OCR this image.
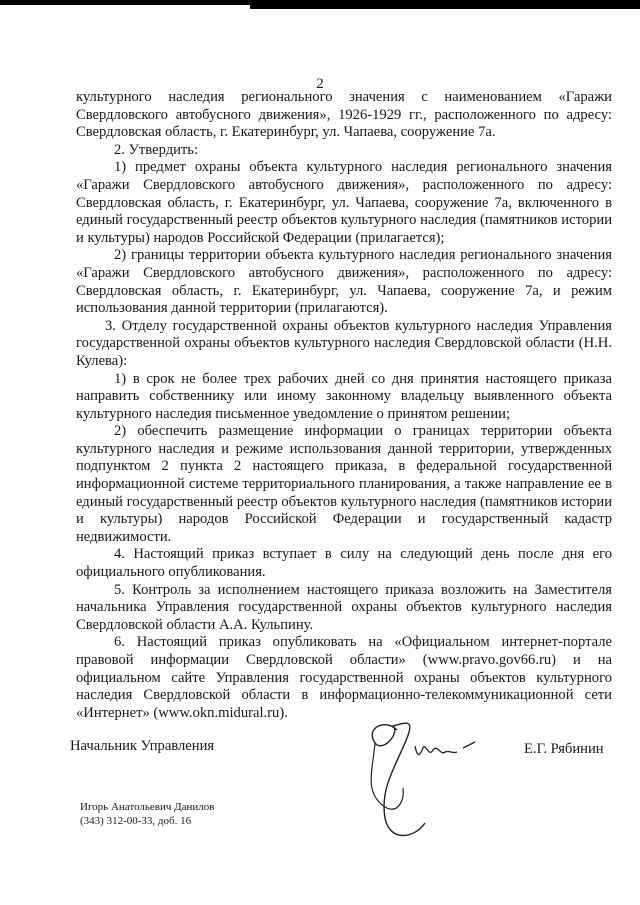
2

культурного наследия регионального значения с наименованием «Гаражи Свердловского автобусного движения», 1926-1929 гг., расположенного по адресу: Свердловская область, г. Екатеринбург, ул. Чапаева, сооружение 7а.

2. Утвердить:

1) предмет охраны объекта культурного наследия регионального значения «Гаражи Свердловского автобусного движения», расположенного по адресу: Свердловская область, г. Екатеринбург, ул. Чапаева, сооружение 7а, включенного в единый государственный реестр объектов культурного наследия (памятников истории и культуры) народов Российской Федерации (прилагается);

2) границы территории объекта культурного наследия регионального значения «Гаражи Свердловского автобусного движения», расположенного по адресу: Свердловская область, г. Екатеринбург, ул. Чапаева, сооружение 7а, и режим использования данной территории (прилагаются).

3. Отделу государственной охраны объектов культурного наследия Управления государственной охраны объектов культурного наследия Свердловской области (Н.Н. Кулева):

1) в срок не более трех рабочих дней со дня принятия настоящего приказа направить собственнику или иному законному владельцу выявленного объекта культурного наследия письменное уведомление о принятом решении;

2) обеспечить размещение информации о границах территории объекта культурного наследия и режиме использования данной территории, утвержденных подпунктом 2 пункта 2 настоящего приказа, в федеральной государственной информационной системе территориального планирования, а также направление ее в единый государственный реестр объектов культурного наследия (памятников истории и культуры) народов Российской Федерации и государственный кадастр недвижимости.

4. Настоящий приказ вступает в силу на следующий день после дня его официального опубликования.

5. Контроль за исполнением настоящего приказа возложить на Заместителя начальника Управления государственной охраны объектов культурного наследия Свердловской области А.А. Кульпину.

6. Настоящий приказ опубликовать на «Официальном интернет-портале правовой информации Свердловской области» (www.pravo.gov66.ru) и на официальном сайте Управления государственной охраны объектов культурного наследия Свердловской области в информационно-телекоммуникационной сети «Интернет» (www.okn.midural.ru).

Начальник Управления	Е.Г. Рябинин
Игорь Анатольевич Данилов
(343) 312-00-33, доб. 16
